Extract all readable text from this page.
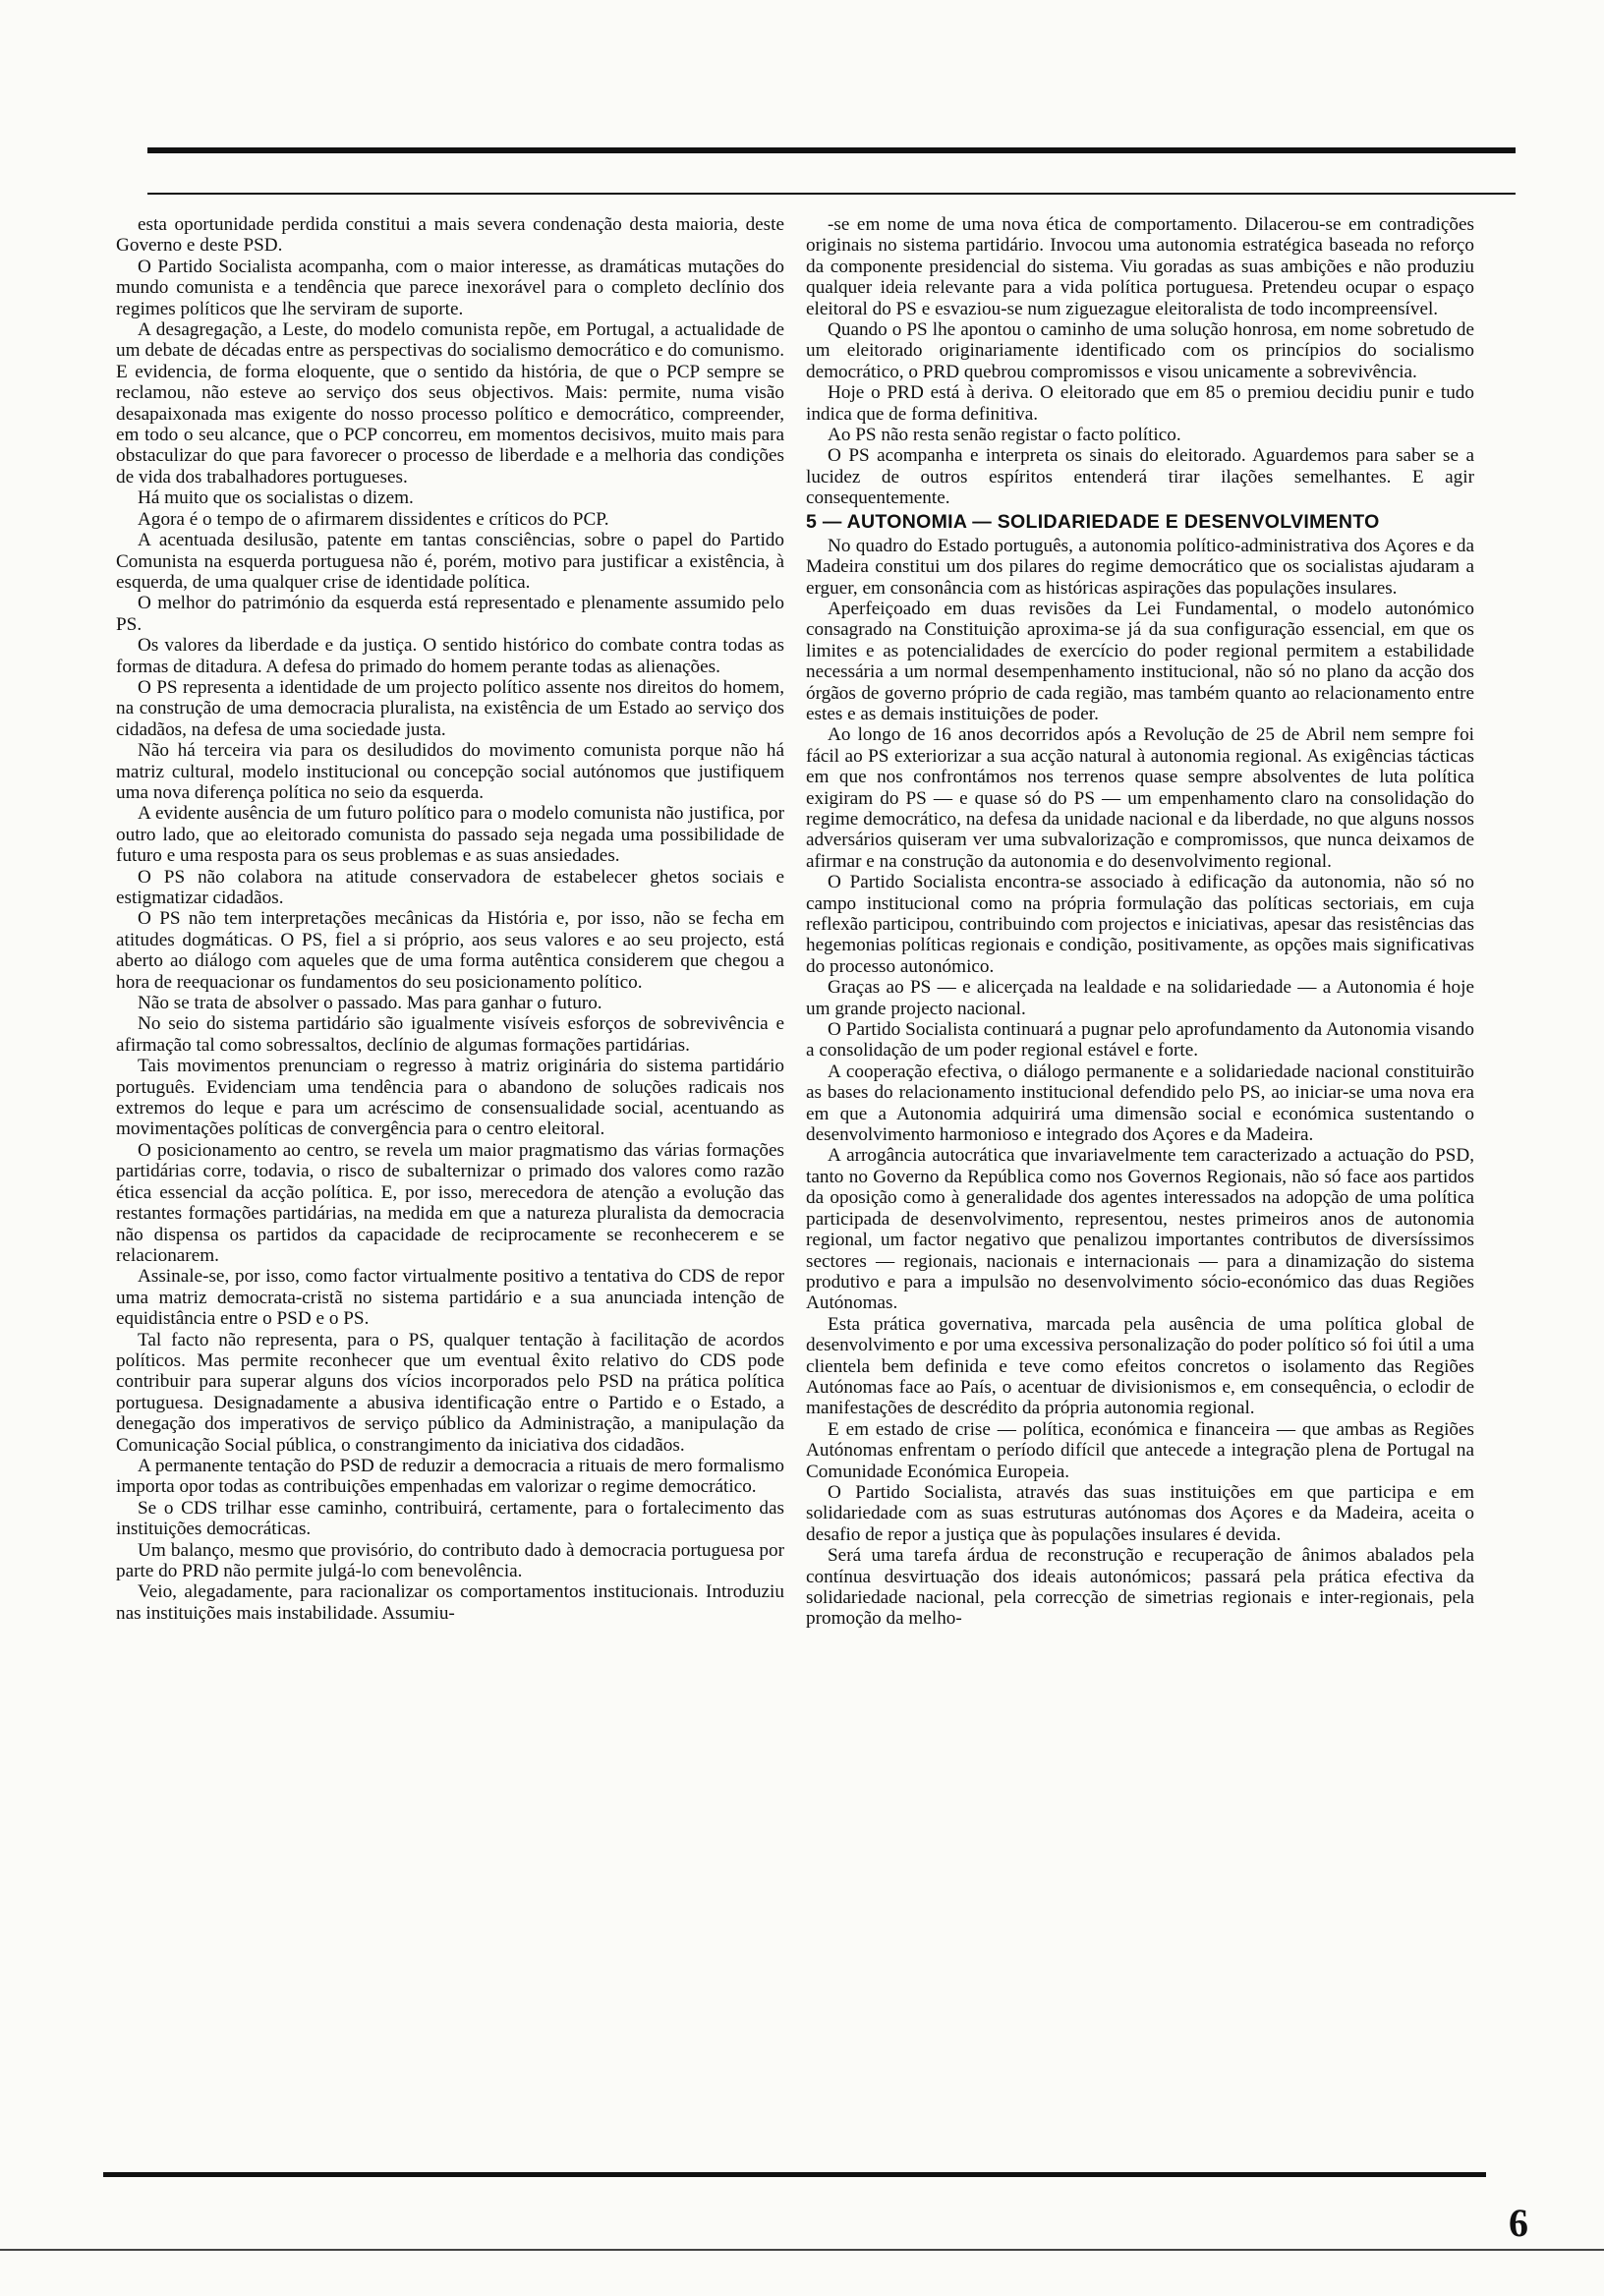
esta oportunidade perdida constitui a mais severa condenação desta maioria, deste Governo e deste PSD.

O Partido Socialista acompanha, com o maior interesse, as dramáticas mutações do mundo comunista e a tendência que parece inexorável para o completo declínio dos regimes políticos que lhe serviram de suporte.

A desagregação, a Leste, do modelo comunista repõe, em Portugal, a actualidade de um debate de décadas entre as perspectivas do socialismo democrático e do comunismo. E evidencia, de forma eloquente, que o sentido da história, de que o PCP sempre se reclamou, não esteve ao serviço dos seus objectivos. Mais: permite, numa visão desapaixonada mas exigente do nosso processo político e democrático, compreender, em todo o seu alcance, que o PCP concorreu, em momentos decisivos, muito mais para obstaculizar do que para favorecer o processo de liberdade e a melhoria das condições de vida dos trabalhadores portugueses.

Há muito que os socialistas o dizem.

Agora é o tempo de o afirmarem dissidentes e críticos do PCP.

A acentuada desilusão, patente em tantas consciências, sobre o papel do Partido Comunista na esquerda portuguesa não é, porém, motivo para justificar a existência, à esquerda, de uma qualquer crise de identidade política.

O melhor do património da esquerda está representado e plenamente assumido pelo PS.

Os valores da liberdade e da justiça. O sentido histórico do combate contra todas as formas de ditadura. A defesa do primado do homem perante todas as alienações.

O PS representa a identidade de um projecto político assente nos direitos do homem, na construção de uma democracia pluralista, na existência de um Estado ao serviço dos cidadãos, na defesa de uma sociedade justa.

Não há terceira via para os desiludidos do movimento comunista porque não há matriz cultural, modelo institucional ou concepção social autónomos que justifiquem uma nova diferença política no seio da esquerda.

A evidente ausência de um futuro político para o modelo comunista não justifica, por outro lado, que ao eleitorado comunista do passado seja negada uma possibilidade de futuro e uma resposta para os seus problemas e as suas ansiedades.

O PS não colabora na atitude conservadora de estabelecer ghetos sociais e estigmatizar cidadãos.

O PS não tem interpretações mecânicas da História e, por isso, não se fecha em atitudes dogmáticas. O PS, fiel a si próprio, aos seus valores e ao seu projecto, está aberto ao diálogo com aqueles que de uma forma autêntica considerem que chegou a hora de reequacionar os fundamentos do seu posicionamento político.

Não se trata de absolver o passado. Mas para ganhar o futuro.

No seio do sistema partidário são igualmente visíveis esforços de sobrevivência e afirmação tal como sobressaltos, declínio de algumas formações partidárias.

Tais movimentos prenunciam o regresso à matriz originária do sistema partidário português. Evidenciam uma tendência para o abandono de soluções radicais nos extremos do leque e para um acréscimo de consensualidade social, acentuando as movimentações políticas de convergência para o centro eleitoral.

O posicionamento ao centro, se revela um maior pragmatismo das várias formações partidárias corre, todavia, o risco de subalternizar o primado dos valores como razão ética essencial da acção política. E, por isso, merecedora de atenção a evolução das restantes formações partidárias, na medida em que a natureza pluralista da democracia não dispensa os partidos da capacidade de reciprocamente se reconhecerem e se relacionarem.

Assinale-se, por isso, como factor virtualmente positivo a tentativa do CDS de repor uma matriz democrata-cristã no sistema partidário e a sua anunciada intenção de equidistância entre o PSD e o PS.

Tal facto não representa, para o PS, qualquer tentação à facilitação de acordos políticos. Mas permite reconhecer que um eventual êxito relativo do CDS pode contribuir para superar alguns dos vícios incorporados pelo PSD na prática política portuguesa. Designadamente a abusiva identificação entre o Partido e o Estado, a denegação dos imperativos de serviço público da Administração, a manipulação da Comunicação Social pública, o constrangimento da iniciativa dos cidadãos.

A permanente tentação do PSD de reduzir a democracia a rituais de mero formalismo importa opor todas as contribuições empenhadas em valorizar o regime democrático.

Se o CDS trilhar esse caminho, contribuirá, certamente, para o fortalecimento das instituições democráticas.

Um balanço, mesmo que provisório, do contributo dado à democracia portuguesa por parte do PRD não permite julgá-lo com benevolência.

Veio, alegadamente, para racionalizar os comportamentos institucionais. Introduziu nas instituições mais instabilidade. Assumiu-

-se em nome de uma nova ética de comportamento. Dilacerou-se em contradições originais no sistema partidário. Invocou uma autonomia estratégica baseada no reforço da componente presidencial do sistema. Viu goradas as suas ambições e não produziu qualquer ideia relevante para a vida política portuguesa. Pretendeu ocupar o espaço eleitoral do PS e esvaziou-se num ziguezague eleitoralista de todo incompreensível.

Quando o PS lhe apontou o caminho de uma solução honrosa, em nome sobretudo de um eleitorado originariamente identificado com os princípios do socialismo democrático, o PRD quebrou compromissos e visou unicamente a sobrevivência.

Hoje o PRD está à deriva. O eleitorado que em 85 o premiou decidiu punir e tudo indica que de forma definitiva.

Ao PS não resta senão registar o facto político.

O PS acompanha e interpreta os sinais do eleitorado. Aguardemos para saber se a lucidez de outros espíritos entenderá tirar ilações semelhantes. E agir consequentemente.

5 — AUTONOMIA — SOLIDARIEDADE E DESENVOLVIMENTO

No quadro do Estado português, a autonomia político-administrativa dos Açores e da Madeira constitui um dos pilares do regime democrático que os socialistas ajudaram a erguer, em consonância com as históricas aspirações das populações insulares.

Aperfeiçoado em duas revisões da Lei Fundamental, o modelo autonómico consagrado na Constituição aproxima-se já da sua configuração essencial, em que os limites e as potencialidades de exercício do poder regional permitem a estabilidade necessária a um normal desempenhamento institucional, não só no plano da acção dos órgãos de governo próprio de cada região, mas também quanto ao relacionamento entre estes e as demais instituições de poder.

Ao longo de 16 anos decorridos após a Revolução de 25 de Abril nem sempre foi fácil ao PS exteriorizar a sua acção natural à autonomia regional. As exigências tácticas em que nos confrontámos nos terrenos quase sempre absolventes de luta política exigiram do PS — e quase só do PS — um empenhamento claro na consolidação do regime democrático, na defesa da unidade nacional e da liberdade, no que alguns nossos adversários quiseram ver uma subvalorização e compromissos, que nunca deixamos de afirmar e na construção da autonomia e do desenvolvimento regional.

O Partido Socialista encontra-se associado à edificação da autonomia, não só no campo institucional como na própria formulação das políticas sectoriais, em cuja reflexão participou, contribuindo com projectos e iniciativas, apesar das resistências das hegemonias políticas regionais e condição, positivamente, as opções mais significativas do processo autonómico.

Graças ao PS — e alicerçada na lealdade e na solidariedade — a Autonomia é hoje um grande projecto nacional.

O Partido Socialista continuará a pugnar pelo aprofundamento da Autonomia visando a consolidação de um poder regional estável e forte.

A cooperação efectiva, o diálogo permanente e a solidariedade nacional constituirão as bases do relacionamento institucional defendido pelo PS, ao iniciar-se uma nova era em que a Autonomia adquirirá uma dimensão social e económica sustentando o desenvolvimento harmonioso e integrado dos Açores e da Madeira.

A arrogância autocrática que invariavelmente tem caracterizado a actuação do PSD, tanto no Governo da República como nos Governos Regionais, não só face aos partidos da oposição como à generalidade dos agentes interessados na adopção de uma política participada de desenvolvimento, representou, nestes primeiros anos de autonomia regional, um factor negativo que penalizou importantes contributos de diversíssimos sectores — regionais, nacionais e internacionais — para a dinamização do sistema produtivo e para a impulsão no desenvolvimento sócio-económico das duas Regiões Autónomas.

Esta prática governativa, marcada pela ausência de uma política global de desenvolvimento e por uma excessiva personalização do poder político só foi útil a uma clientela bem definida e teve como efeitos concretos o isolamento das Regiões Autónomas face ao País, o acentuar de divisionismos e, em consequência, o eclodir de manifestações de descrédito da própria autonomia regional.

E em estado de crise — política, económica e financeira — que ambas as Regiões Autónomas enfrentam o período difícil que antecede a integração plena de Portugal na Comunidade Económica Europeia.

O Partido Socialista, através das suas instituições em que participa e em solidariedade com as suas estruturas autónomas dos Açores e da Madeira, aceita o desafio de repor a justiça que às populações insulares é devida.

Será uma tarefa árdua de reconstrução e recuperação de ânimos abalados pela contínua desvirtuação dos ideais autonómicos; passará pela prática efectiva da solidariedade nacional, pela correcção de simetrias regionais e inter-regionais, pela promoção da melho-

6
